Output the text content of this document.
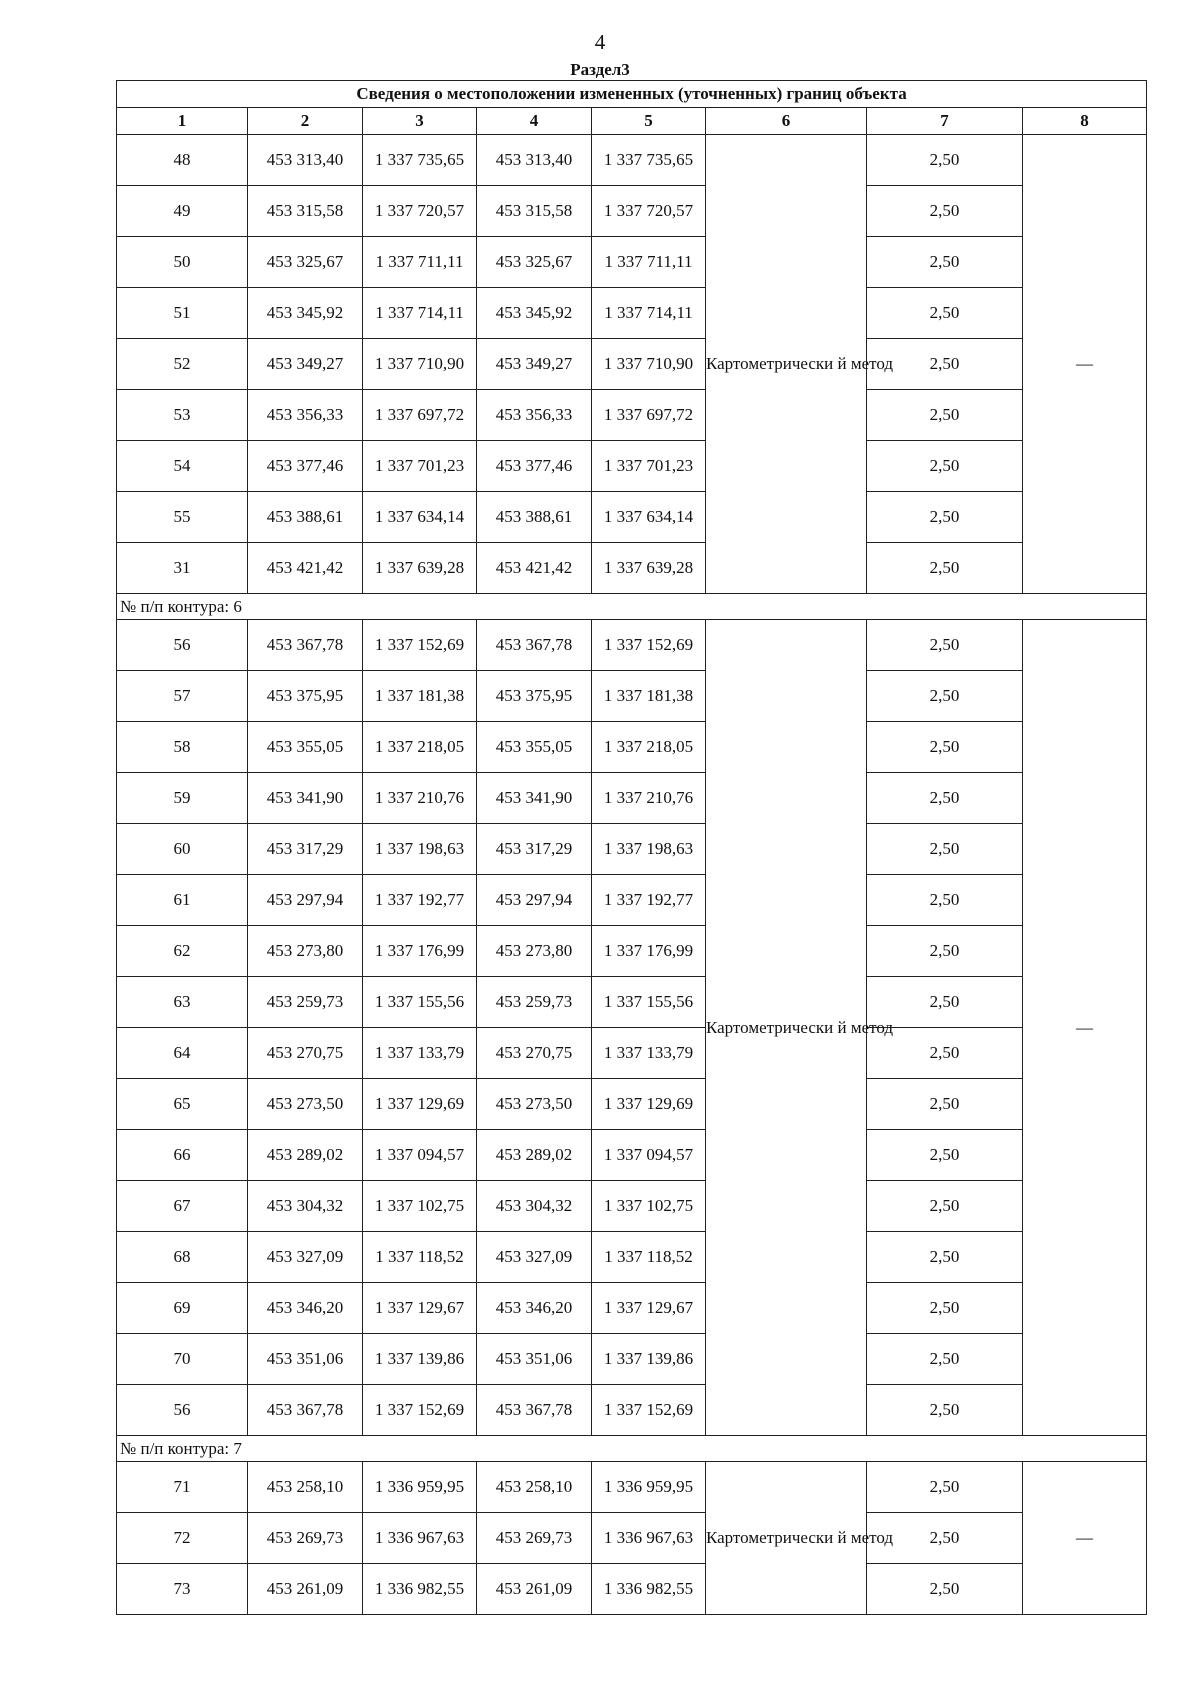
4
Раздел3
Сведения о местоположении измененных (уточненных) границ объекта							
1	2	3	4	5	6	7	8
48	453 313,40	1 337 735,65	453 313,40	1 337 735,65	Картометрически й метод	2,50	—
49	453 315,58	1 337 720,57	453 315,58	1 337 720,57		2,50	
50	453 325,67	1 337 711,11	453 325,67	1 337 711,11		2,50	
51	453 345,92	1 337 714,11	453 345,92	1 337 714,11		2,50	
52	453 349,27	1 337 710,90	453 349,27	1 337 710,90		2,50	
53	453 356,33	1 337 697,72	453 356,33	1 337 697,72		2,50	
54	453 377,46	1 337 701,23	453 377,46	1 337 701,23		2,50	
55	453 388,61	1 337 634,14	453 388,61	1 337 634,14		2,50	
31	453 421,42	1 337 639,28	453 421,42	1 337 639,28		2,50	
№ п/п контура: 6							
56	453 367,78	1 337 152,69	453 367,78	1 337 152,69	Картометрически й метод	2,50	—
57	453 375,95	1 337 181,38	453 375,95	1 337 181,38		2,50	
58	453 355,05	1 337 218,05	453 355,05	1 337 218,05		2,50	
59	453 341,90	1 337 210,76	453 341,90	1 337 210,76		2,50	
60	453 317,29	1 337 198,63	453 317,29	1 337 198,63		2,50	
61	453 297,94	1 337 192,77	453 297,94	1 337 192,77		2,50	
62	453 273,80	1 337 176,99	453 273,80	1 337 176,99		2,50	
63	453 259,73	1 337 155,56	453 259,73	1 337 155,56		2,50	
64	453 270,75	1 337 133,79	453 270,75	1 337 133,79		2,50	
65	453 273,50	1 337 129,69	453 273,50	1 337 129,69		2,50	
66	453 289,02	1 337 094,57	453 289,02	1 337 094,57		2,50	
67	453 304,32	1 337 102,75	453 304,32	1 337 102,75		2,50	
68	453 327,09	1 337 118,52	453 327,09	1 337 118,52		2,50	
69	453 346,20	1 337 129,67	453 346,20	1 337 129,67		2,50	
70	453 351,06	1 337 139,86	453 351,06	1 337 139,86		2,50	
56	453 367,78	1 337 152,69	453 367,78	1 337 152,69		2,50	
№ п/п контура: 7							
71	453 258,10	1 336 959,95	453 258,10	1 336 959,95	Картометрически й метод	2,50	—
72	453 269,73	1 336 967,63	453 269,73	1 336 967,63		2,50	
73	453 261,09	1 336 982,55	453 261,09	1 336 982,55		2,50	
